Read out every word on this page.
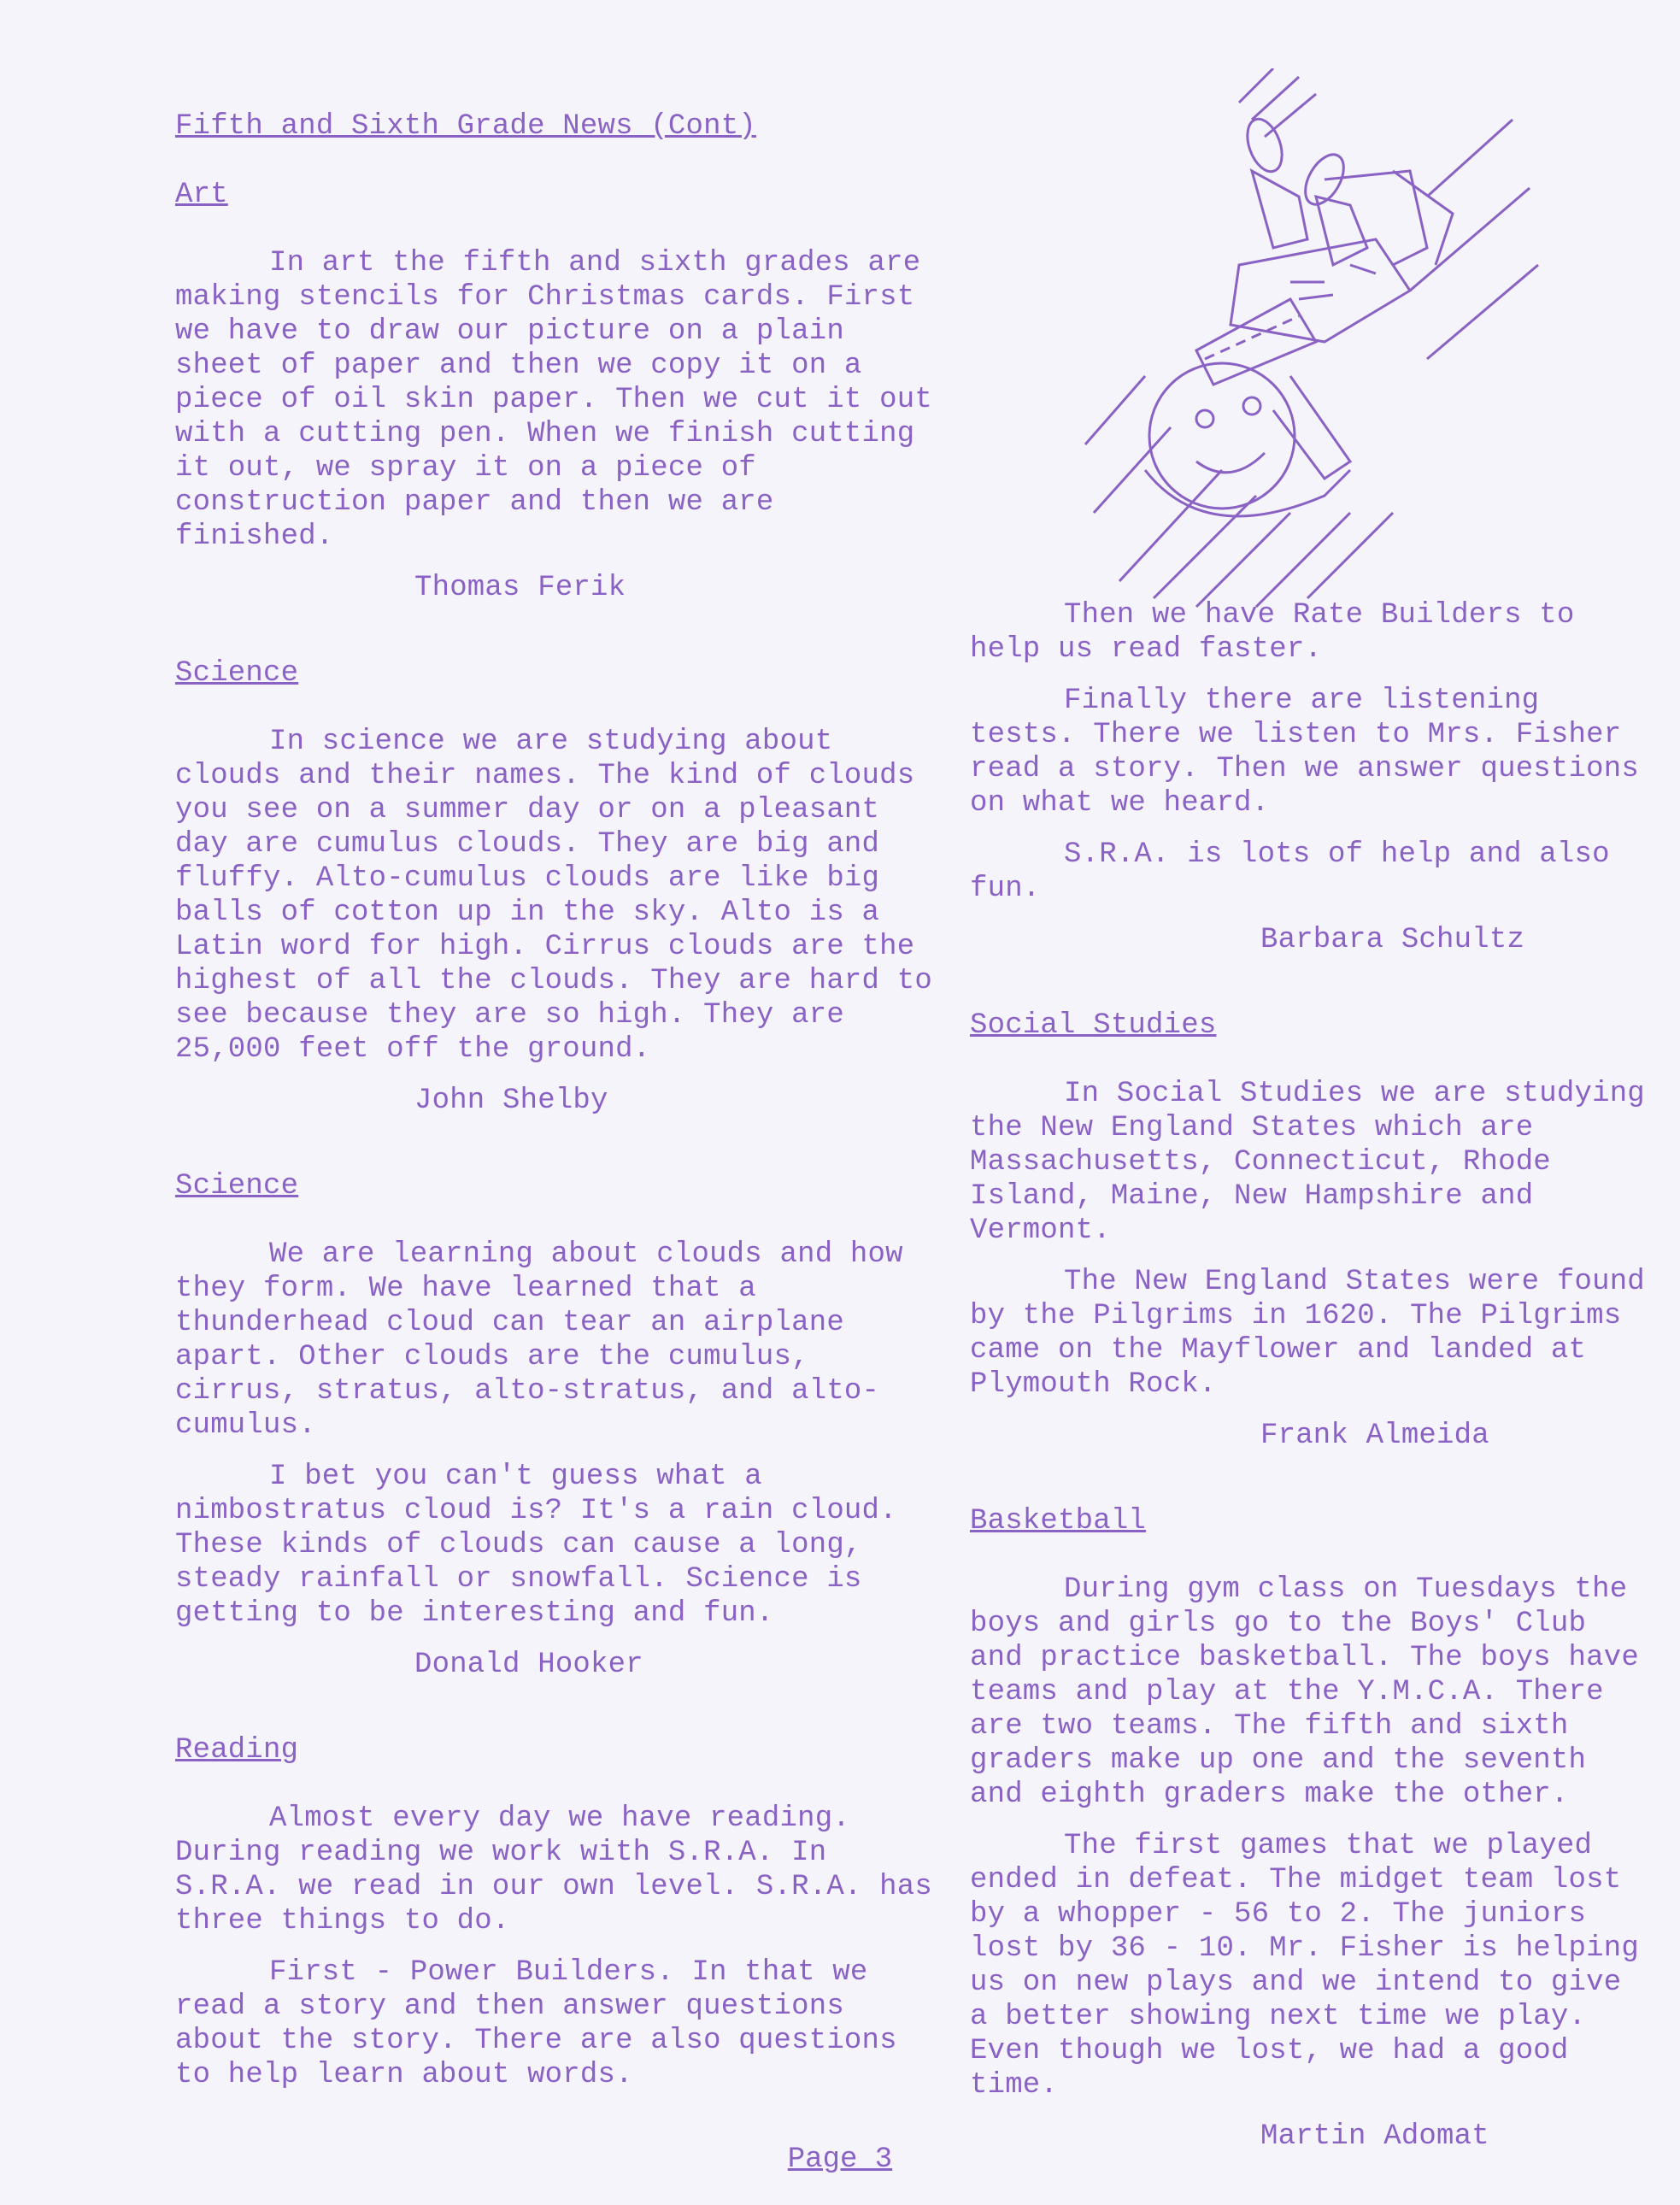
Fifth and Sixth Grade News (Cont)
Art

In art the fifth and sixth grades are making stencils for Christmas cards. First we have to draw our picture on a plain sheet of paper and then we copy it on a piece of oil skin paper. Then we cut it out with a cutting pen. When we finish cutting it out, we spray it on a piece of construction paper and then we are finished.

Thomas Ferik
Science

In science we are studying about clouds and their names. The kind of clouds you see on a summer day or on a pleasant day are cumulus clouds. They are big and fluffy. Alto-cumulus clouds are like big balls of cotton up in the sky. Alto is a Latin word for high. Cirrus clouds are the highest of all the clouds. They are hard to see because they are so high. They are 25,000 feet off the ground.

John Shelby
Science

We are learning about clouds and how they form. We have learned that a thunderhead cloud can tear an airplane apart. Other clouds are the cumulus, cirrus, stratus, alto-stratus, and alto-cumulus.

I bet you can't guess what a nimbostratus cloud is? It's a rain cloud. These kinds of clouds can cause a long, steady rainfall or snowfall. Science is getting to be interesting and fun.

Donald Hooker
Reading

Almost every day we have reading. During reading we work with S.R.A. In S.R.A. we read in our own level. S.R.A. has three things to do.

First - Power Builders. In that we read a story and then answer questions about the story. There are also questions to help learn about words.

Then we have Rate Builders to help us read faster.

Finally there are listening tests. There we listen to Mrs. Fisher read a story. Then we answer questions on what we heard.

S.R.A. is lots of help and also fun.

Barbara Schultz
Social Studies

In Social Studies we are studying the New England States which are Massachusetts, Connecticut, Rhode Island, Maine, New Hampshire and Vermont.

The New England States were found by the Pilgrims in 1620. The Pilgrims came on the Mayflower and landed at Plymouth Rock.

Frank Almeida
Basketball

During gym class on Tuesdays the boys and girls go to the Boys' Club and practice basketball. The boys have teams and play at the Y.M.C.A. There are two teams. The fifth and sixth graders make up one and the seventh and eighth graders make the other.

The first games that we played ended in defeat. The midget team lost by a whopper - 56 to 2. The juniors lost by 36 - 10. Mr. Fisher is helping us on new plays and we intend to give a better showing next time we play. Even though we lost, we had a good time.

Martin Adomat
Page 3
